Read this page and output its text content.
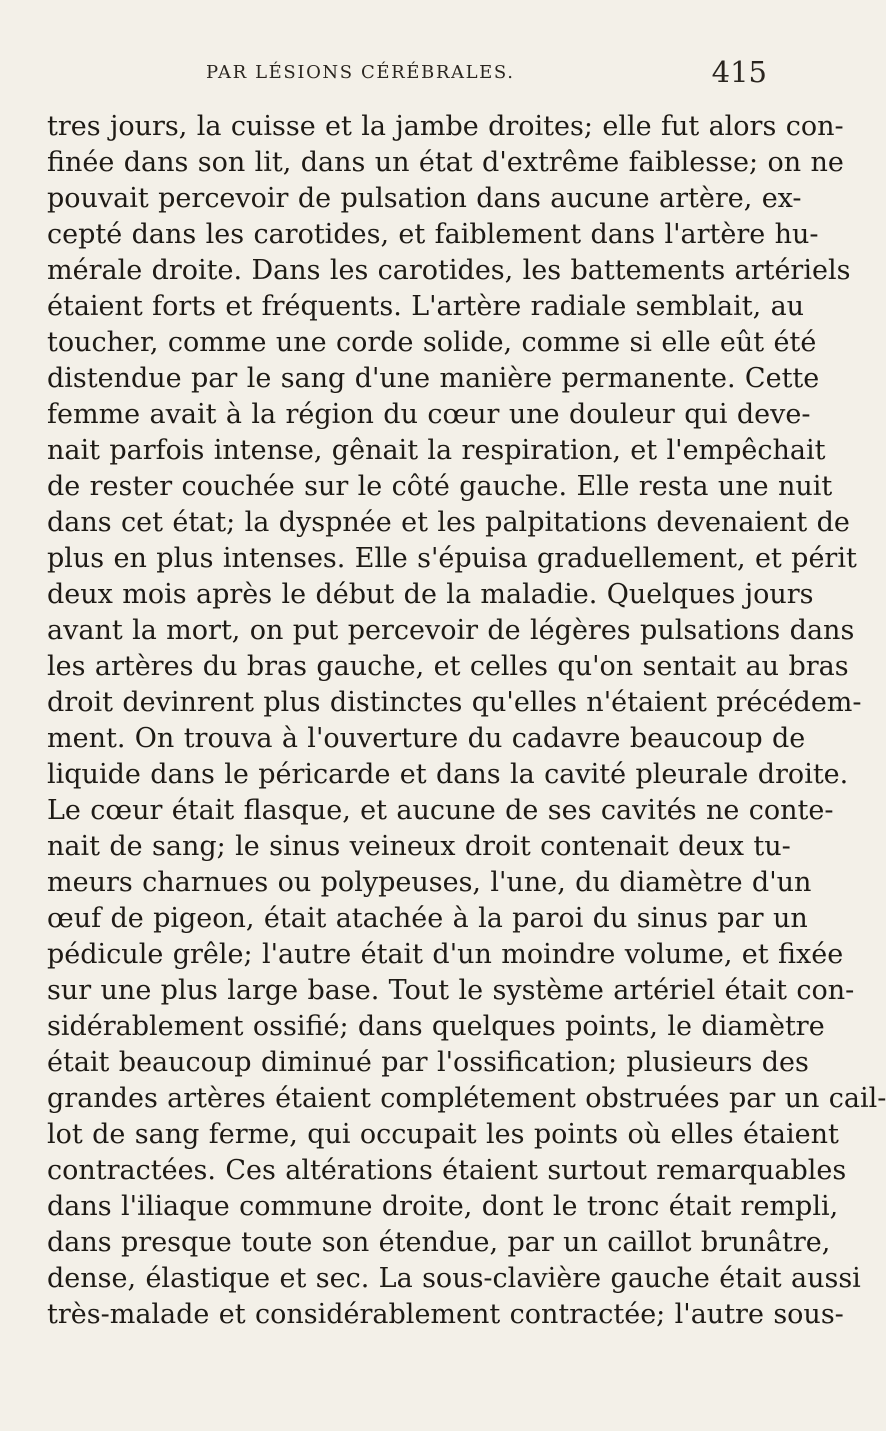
PAR LÉSIONS CÉRÉBRALES.	415
tres jours, la cuisse et la jambe droites; elle fut alors con-
finée dans son lit, dans un état d'extrême faiblesse; on ne
pouvait percevoir de pulsation dans aucune artère, ex-
cepté dans les carotides, et faiblement dans l'artère hu-
mérale droite. Dans les carotides, les battements artériels
étaient forts et fréquents. L'artère radiale semblait, au
toucher, comme une corde solide, comme si elle eût été
distendue par le sang d'une manière permanente. Cette
femme avait à la région du cœur une douleur qui deve-
nait parfois intense, gênait la respiration, et l'empêchait
de rester couchée sur le côté gauche. Elle resta une nuit
dans cet état; la dyspnée et les palpitations devenaient de
plus en plus intenses. Elle s'épuisa graduellement, et périt
deux mois après le début de la maladie. Quelques jours
avant la mort, on put percevoir de légères pulsations dans
les artères du bras gauche, et celles qu'on sentait au bras
droit devinrent plus distinctes qu'elles n'étaient précédem-
ment. On trouva à l'ouverture du cadavre beaucoup de
liquide dans le péricarde et dans la cavité pleurale droite.
Le cœur était flasque, et aucune de ses cavités ne conte-
nait de sang; le sinus veineux droit contenait deux tu-
meurs charnues ou polypeuses, l'une, du diamètre d'un
œuf de pigeon, était atachée à la paroi du sinus par un
pédicule grêle; l'autre était d'un moindre volume, et fixée
sur une plus large base. Tout le système artériel était con-
sidérablement ossifié; dans quelques points, le diamètre
était beaucoup diminué par l'ossification; plusieurs des
grandes artères étaient complétement obstruées par un cail-
lot de sang ferme, qui occupait les points où elles étaient
contractées. Ces altérations étaient surtout remarquables
dans l'iliaque commune droite, dont le tronc était rempli,
dans presque toute son étendue, par un caillot brunâtre,
dense, élastique et sec. La sous-clavière gauche était aussi
très-malade et considérablement contractée; l'autre sous-
